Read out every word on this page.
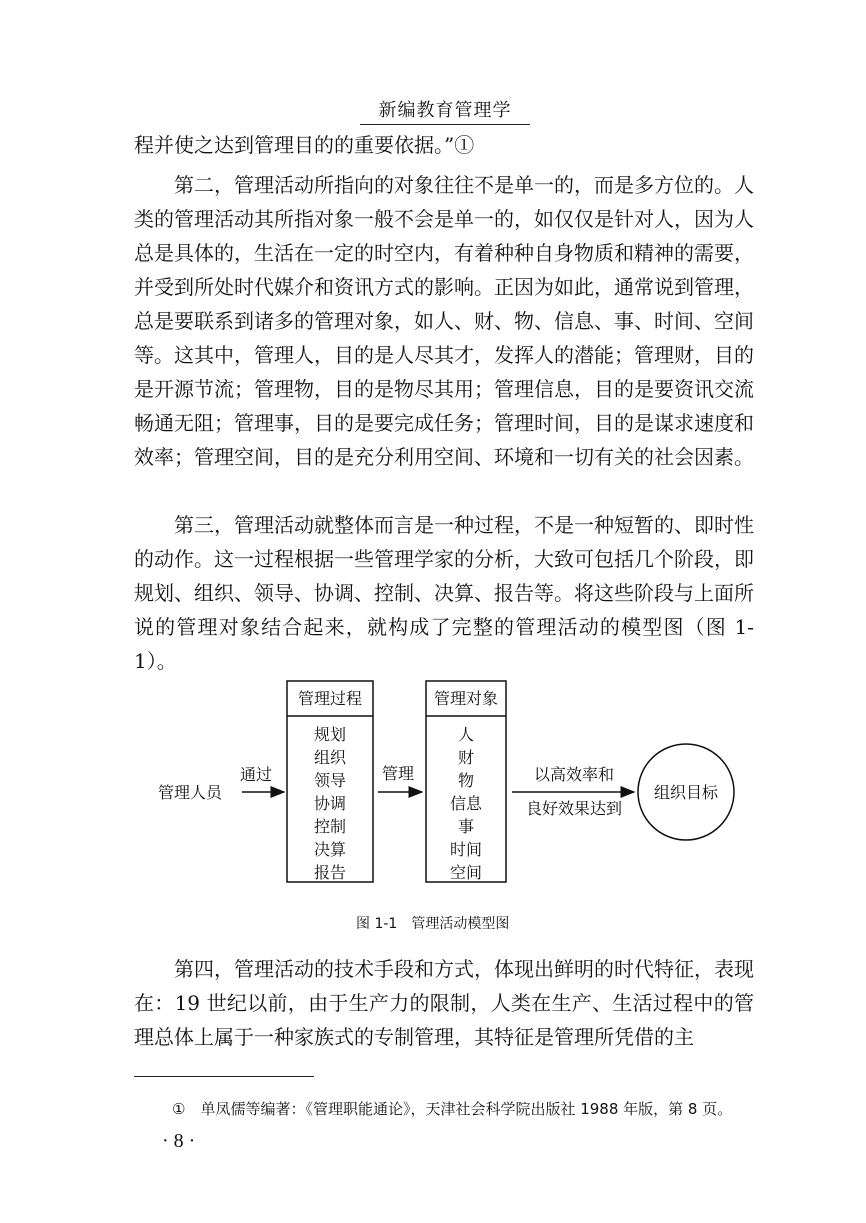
新编教育管理学

程并使之达到管理目的的重要依据。”①

第二，管理活动所指向的对象往往不是单一的，而是多方位的。人类的管理活动其所指对象一般不会是单一的，如仅仅是针对人，因为人总是具体的，生活在一定的时空内，有着种种自身物质和精神的需要，并受到所处时代媒介和资讯方式的影响。正因为如此，通常说到管理，总是要联系到诸多的管理对象，如人、财、物、信息、事、时间、空间等。这其中，管理人，目的是人尽其才，发挥人的潜能；管理财，目的是开源节流；管理物，目的是物尽其用；管理信息，目的是要资讯交流畅通无阻；管理事，目的是要完成任务；管理时间，目的是谋求速度和效率；管理空间，目的是充分利用空间、环境和一切有关的社会因素。

第三，管理活动就整体而言是一种过程，不是一种短暂的、即时性的动作。这一过程根据一些管理学家的分析，大致可包括几个阶段，即规划、组织、领导、协调、控制、决算、报告等。将这些阶段与上面所说的管理对象结合起来，就构成了完整的管理活动的模型图（图 1-1）。

管理人员
通过
管理过程
规划
组织
领导
协调
控制
决算
报告
管理
管理对象
人
财
物
信息
事
时间
空间
以高效率和
良好效果达到
组织目标
图 1-1　管理活动模型图

第四，管理活动的技术手段和方式，体现出鲜明的时代特征，表现在：19 世纪以前，由于生产力的限制，人类在生产、生活过程中的管理总体上属于一种家族式的专制管理，其特征是管理所凭借的主

①　单凤儒等编著：《管理职能通论》，天津社会科学院出版社 1988 年版，第 8 页。
· 8 ·
